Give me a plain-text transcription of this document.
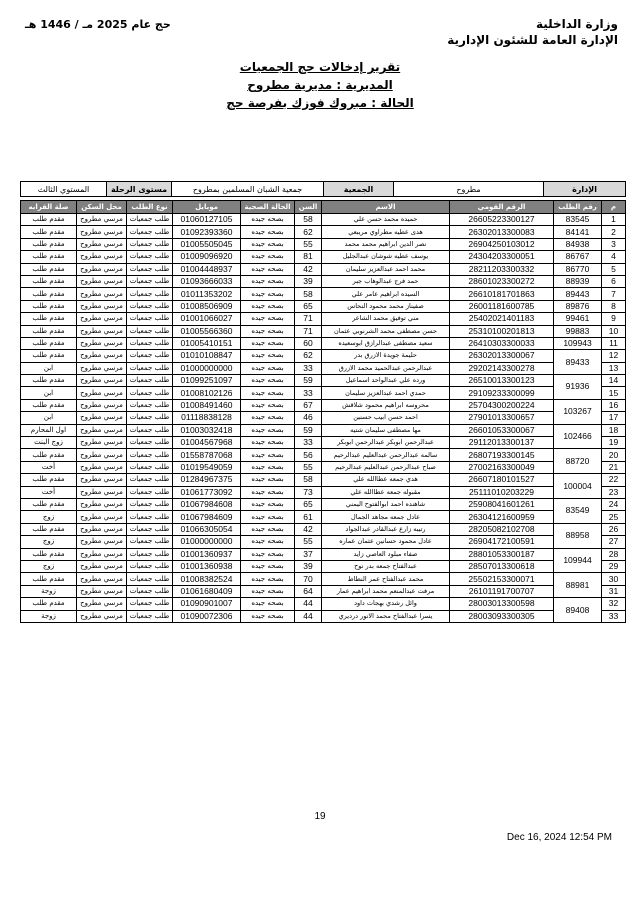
وزارة الداخلية
الإدارة العامة للشئون الإدارية
حج عام 2025 مـ / 1446 هـ
تقرير إدخالات حج الجمعيات
المديرية : مديرية مطروح
الحالة : مبروك فوزك بفرصة حج
الإدارة	مطروح	الجمعية	جمعية الشبان المسلمين بمطروح	مستوى الرحلة	المستوي الثالث
م	رقم الطلب	الرقم القومي	الاسم	السن	الحالة الصحية	موبايل	نوع الطلب	محل السكن	صلة القرابه
1	83545	26605223300127	حميده محمد حسن علي	58	بصحه جيده	01060127105	طلب جمعيات	مرسي مطروح	مقدم طلب
2	84141	26302013300083	هدى عطيه مطراوي مريبعي	62	بصحه جيده	01092393360	طلب جمعيات	مرسي مطروح	مقدم طلب
3	84938	26904250103012	نصر الدين ابراهيم محمد محمد	55	بصحه جيده	01005505045	طلب جمعيات	مرسي مطروح	مقدم طلب
4	86767	24304203300051	يوسف عطيه شوشان عبدالجليل	81	بصحه جيده	01009096920	طلب جمعيات	مرسي مطروح	مقدم طلب
5	86770	28211203300332	محمد احمد عبدالعزيز سليمان	42	بصحه جيده	01004448937	طلب جمعيات	مرسي مطروح	مقدم طلب
6	88939	28601023300272	حمد فرج عبدالوهاب جبر	39	بصحه جيده	01093666033	طلب جمعيات	مرسي مطروح	مقدم طلب
7	89443	26610181701863	السيده ابراهيم عامر علي	58	بصحه جيده	01011353202	طلب جمعيات	مرسي مطروح	مقدم طلب
8	89876	26001181600785	صفيناز محمد محمود النحاس	65	بصحه جيده	01008506909	طلب جمعيات	مرسي مطروح	مقدم طلب
9	99461	25402021401183	مني توفيق محمد الشاعر	71	بصحه جيده	01001066027	طلب جمعيات	مرسي مطروح	مقدم طلب
10	99883	25310100201813	حسن مصطفى محمد الشرنوبي عثمان	71	بصحه جيده	01005566360	طلب جمعيات	مرسي مطروح	مقدم طلب
11	109943	26410303300033	سعيد مصطفى عبدالرازق ابوسعيده	60	بصحه جيده	01005410151	طلب جمعيات	مرسي مطروح	مقدم طلب
12	89433	26302013300067	حليمة جويدة الازرق بدر	62	بصحه جيده	01010108847	طلب جمعيات	مرسي مطروح	مقدم طلب
13		29202143300278	عبدالرحمن عبدالحميد محمد الازرق	33	بصحه جيده	01000000000	طلب جمعيات	مرسي مطروح	ابن
14	91936	26510013300123	ورده علي عبدالواحد اسماعيل	59	بصحه جيده	01099251097	طلب جمعيات	مرسي مطروح	مقدم طلب
15		29109233300099	حمدي احمد عبدالعزيز سليمان	33	بصحه جيده	01008102126	طلب جمعيات	مرسي مطروح	ابن
16	103267	25704300200224	محروسه ابراهيم محمود شلاقش	67	بصحه جيده	01008491460	طلب جمعيات	مرسي مطروح	مقدم طلب
17		27901013300657	احمد حسن ابيب حسنين	46	بصحه جيده	01118838128	طلب جمعيات	مرسي مطروح	ابن
18	102466	26601053300067	مها مصطفى سليمان شتيه	59	بصحه جيده	01003032418	طلب جمعيات	مرسي مطروح	اول المحارم
19		29112013300137	عبدالرحمن ابوبكر عبدالرحمن ابوبكر	33	بصحه جيده	01004567968	طلب جمعيات	مرسي مطروح	زوج البنت
20	88720	26807193300145	سالمه عبدالرحمن عبدالعليم عبدالرحيم	56	بصحه جيده	01558787068	طلب جمعيات	مرسي مطروح	مقدم طلب
21		27002163300049	صباح عبدالرحمن عبدالعليم عبدالرحيم	55	بصحه جيده	01019549059	طلب جمعيات	مرسي مطروح	أخت
22	100004	26607180101527	هدي جمعه عطاالله علي	58	بصحه جيده	01284967375	طلب جمعيات	مرسي مطروح	مقدم طلب
23		25111010203229	مقبوله جمعه عطاالله علي	73	بصحه جيده	01061773092	طلب جمعيات	مرسي مطروح	أخت
24	83549	25908041601261	شاهنده احمد ابوالفتوح اليمني	65	بصحه جيده	01067984608	طلب جمعيات	مرسي مطروح	مقدم طلب
25		26304121600959	عادل جمعه مجاهد الجمال	61	بصحه جيده	01067984609	طلب جمعيات	مرسي مطروح	زوج
26	88958	28205082102708	رتيبه زارع عبدالقادر عبدالجواد	42	بصحه جيده	01066305054	طلب جمعيات	مرسي مطروح	مقدم طلب
27		26904172100591	عادل محمود حسانين عثمان عماره	55	بصحه جيده	01000000000	طلب جمعيات	مرسي مطروح	زوج
28	109944	28801053300187	صفاء مبلود العاصي زايد	37	بصحه جيده	01001360937	طلب جمعيات	مرسي مطروح	مقدم طلب
29		28507013300618	عبدالفتاح جمعه بدر نوح	39	بصحه جيده	01001360938	طلب جمعيات	مرسي مطروح	زوج
30	88981	25502153300071	محمد عبدالفتاح عمر النطاط	70	بصحه جيده	01008382524	طلب جمعيات	مرسي مطروح	مقدم طلب
31		26101191700707	مرفت عبدالمنعم محمد ابراهيم عمار	64	بصحه جيده	01061680409	طلب جمعيات	مرسي مطروح	زوجة
32	89408	28003013300598	وائل رشدي بهجات داود	44	بصحه جيده	01090901007	طلب جمعيات	مرسي مطروح	مقدم طلب
33		28003093300305	يسرا عبدالفتاح محمد الانور درديري	44	بصحه جيده	01090072306	طلب جمعيات	مرسي مطروح	زوجة
19
Dec 16, 2024 12:54 PM
